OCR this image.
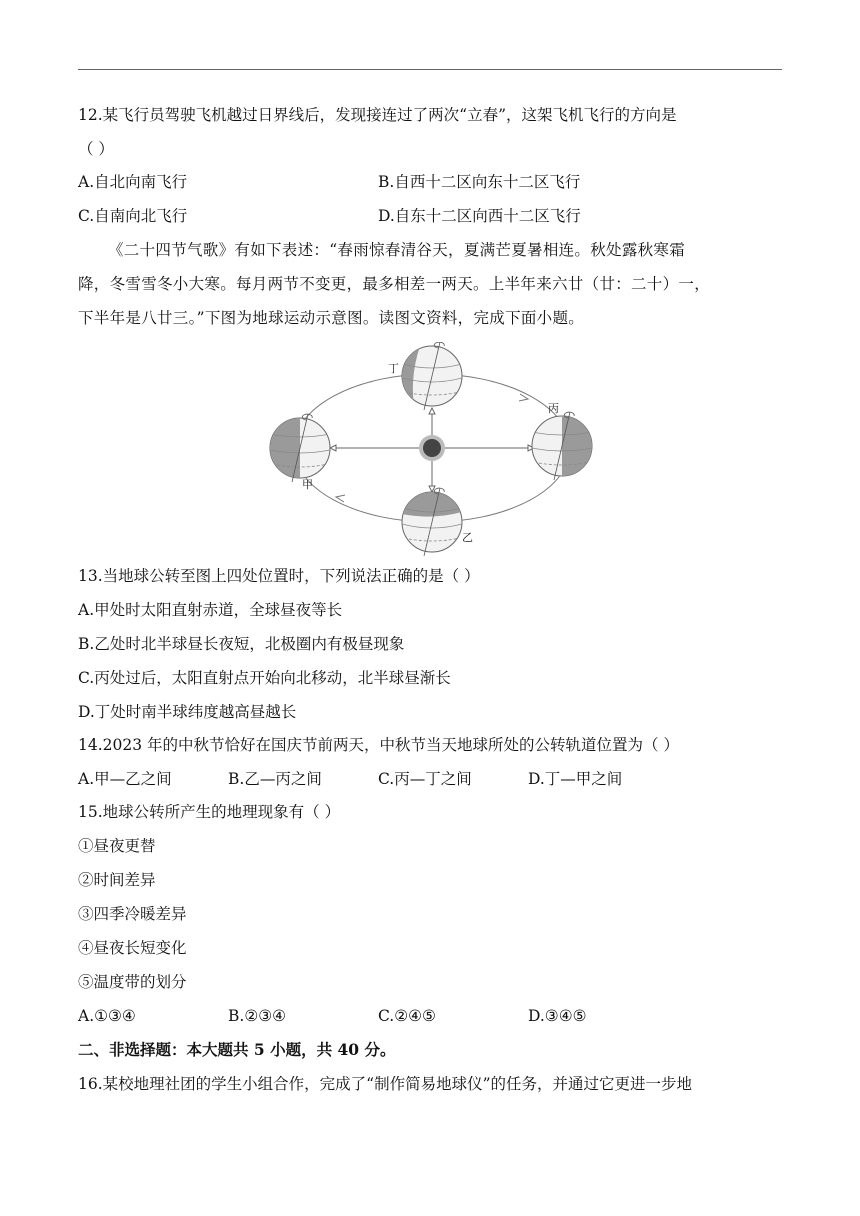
12.某飞行员驾驶飞机越过日界线后，发现接连过了两次“立春”，这架飞机飞行的方向是
（ ）
A.自北向南飞行	B.自西十二区向东十二区飞行
C.自南向北飞行	D.自东十二区向西十二区飞行
《二十四节气歌》有如下表述：“春雨惊春清谷天，夏满芒夏暑相连。秋处露秋寒霜
降，冬雪雪冬小大寒。每月两节不变更，最多相差一两天。上半年来六廿（廿：二十）一，
下半年是八廿三。”下图为地球运动示意图。读图文资料，完成下面小题。
丁
甲
丙
乙
13.当地球公转至图上四处位置时，下列说法正确的是（ ）
A.甲处时太阳直射赤道，全球昼夜等长
B.乙处时北半球昼长夜短，北极圈内有极昼现象
C.丙处过后，太阳直射点开始向北移动，北半球昼渐长
D.丁处时南半球纬度越高昼越长
14.2023 年的中秋节恰好在国庆节前两天，中秋节当天地球所处的公转轨道位置为（ ）
A.甲—乙之间	B.乙—丙之间	C.丙—丁之间	D.丁—甲之间
15.地球公转所产生的地理现象有（ ）
①昼夜更替
②时间差异
③四季冷暖差异
④昼夜长短变化
⑤温度带的划分
A.①③④	B.②③④	C.②④⑤	D.③④⑤
二、非选择题：本大题共 5 小题，共 40 分。
16.某校地理社团的学生小组合作，完成了“制作简易地球仪”的任务，并通过它更进一步地
